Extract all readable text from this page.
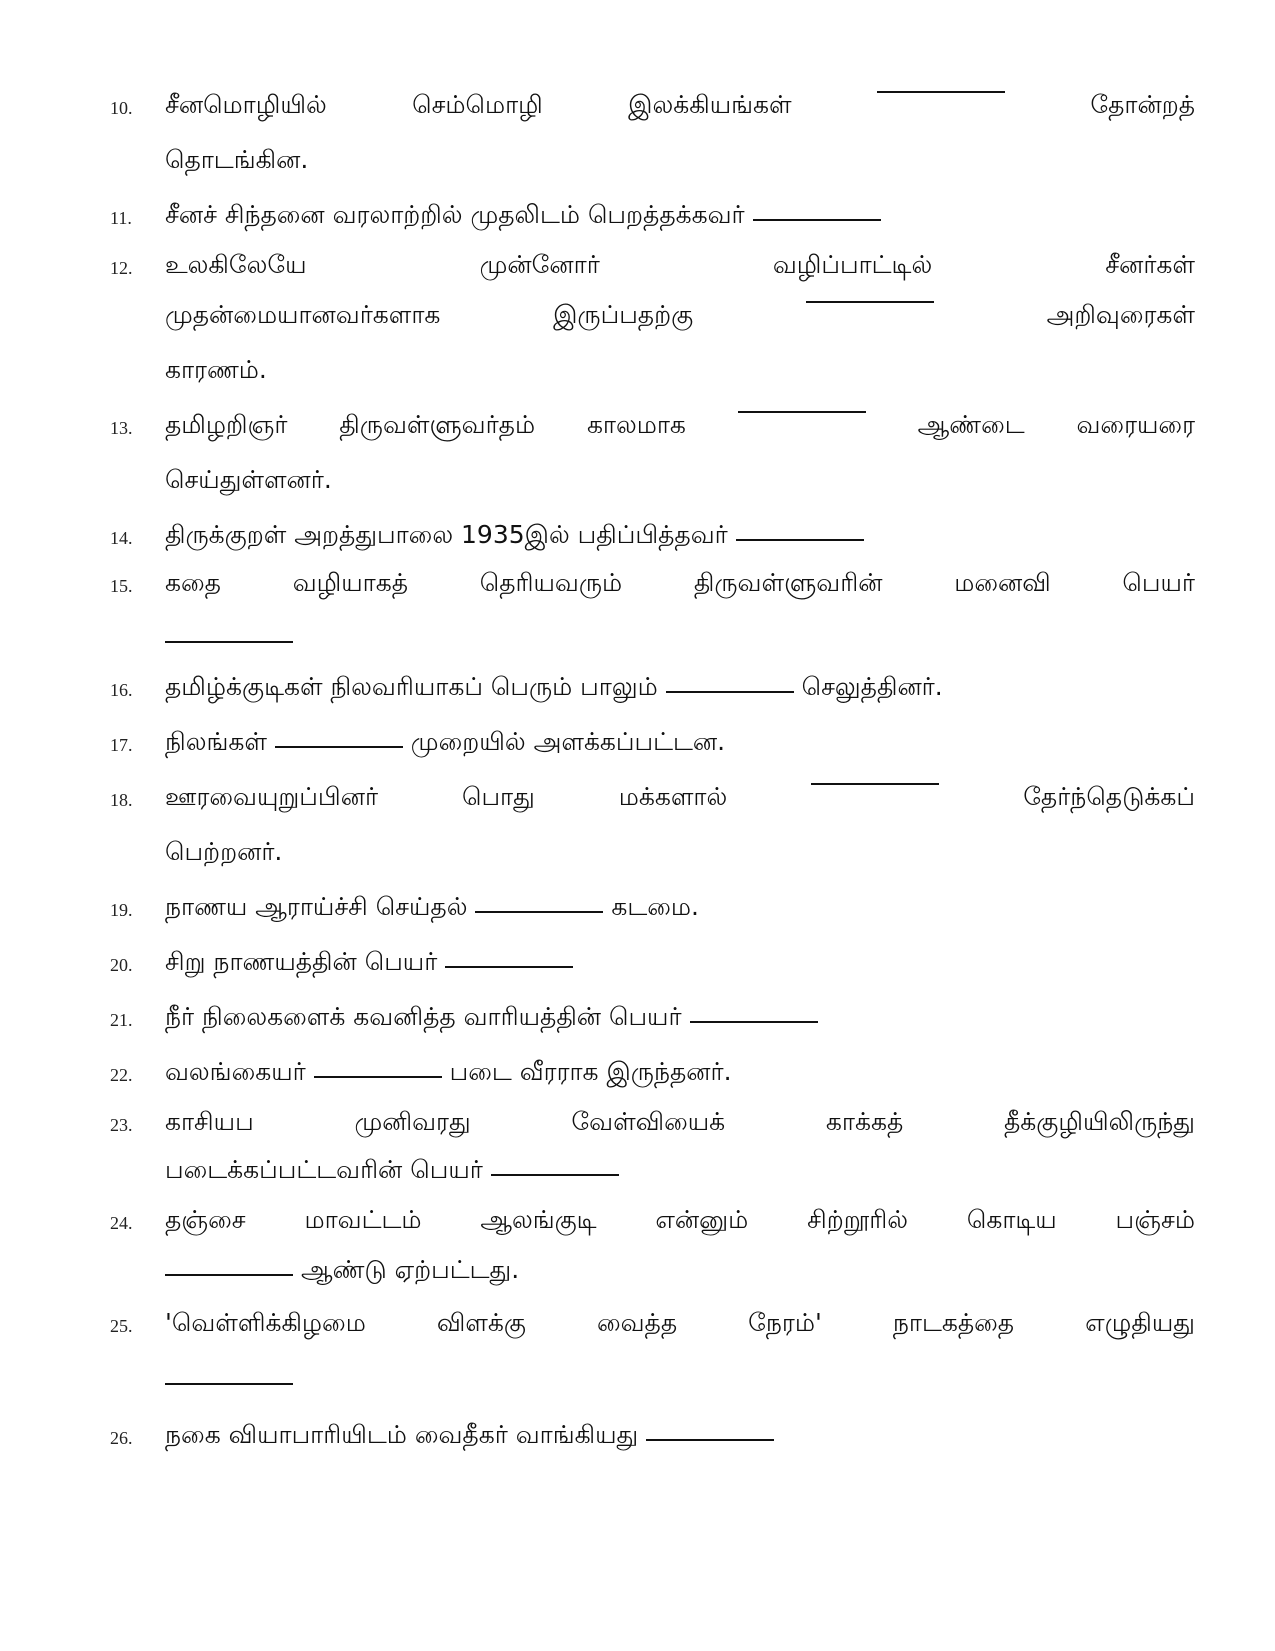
10.	சீனமொழியில்	செம்மொழி	இலக்கியங்கள்	தோன்றத்
தொடங்கின.
11.	சீனச் சிந்தனை வரலாற்றில் முதலிடம் பெறத்தக்கவர்
12.	உலகிலேயே	முன்னோர்	வழிப்பாட்டில்	சீனர்கள்
முதன்மையானவர்களாக	இருப்பதற்கு	அறிவுரைகள்
காரணம்.
13.	தமிழறிஞர் திருவள்ளுவர்தம் காலமாக	ஆண்டை வரையரை
செய்துள்ளனர்.
14.	திருக்குறள் அறத்துபாலை 1935இல் பதிப்பித்தவர்
15.	கதை	வழியாகத்	தெரியவரும்	திருவள்ளுவரின்	மனைவி	பெயர்
16.	தமிழ்க்குடிகள் நிலவரியாகப் பெரும் பாலும்	செலுத்தினர்.
17.	நிலங்கள்	முறையில் அளக்கப்பட்டன.
18.	ஊரவையுறுப்பினர்	பொது	மக்களால்	தேர்ந்தெடுக்கப்
பெற்றனர்.
19.	நாணய ஆராய்ச்சி செய்தல்	கடமை.
20.	சிறு நாணயத்தின் பெயர்
21.	நீர் நிலைகளைக் கவனித்த வாரியத்தின் பெயர்
22.	வலங்கையர்	படை வீரராக இருந்தனர்.
23.	காசியப	முனிவரது	வேள்வியைக்	காக்கத்	தீக்குழியிலிருந்து
படைக்கப்பட்டவரின் பெயர்
24.	தஞ்சை மாவட்டம் ஆலங்குடி என்னும் சிற்றூரில் கொடிய பஞ்சம்
ஆண்டு ஏற்பட்டது.
25.	'வெள்ளிக்கிழமை	விளக்கு	வைத்த	நேரம்'	நாடகத்தை	எழுதியது
26.	நகை வியாபாரியிடம் வைதீகர் வாங்கியது
